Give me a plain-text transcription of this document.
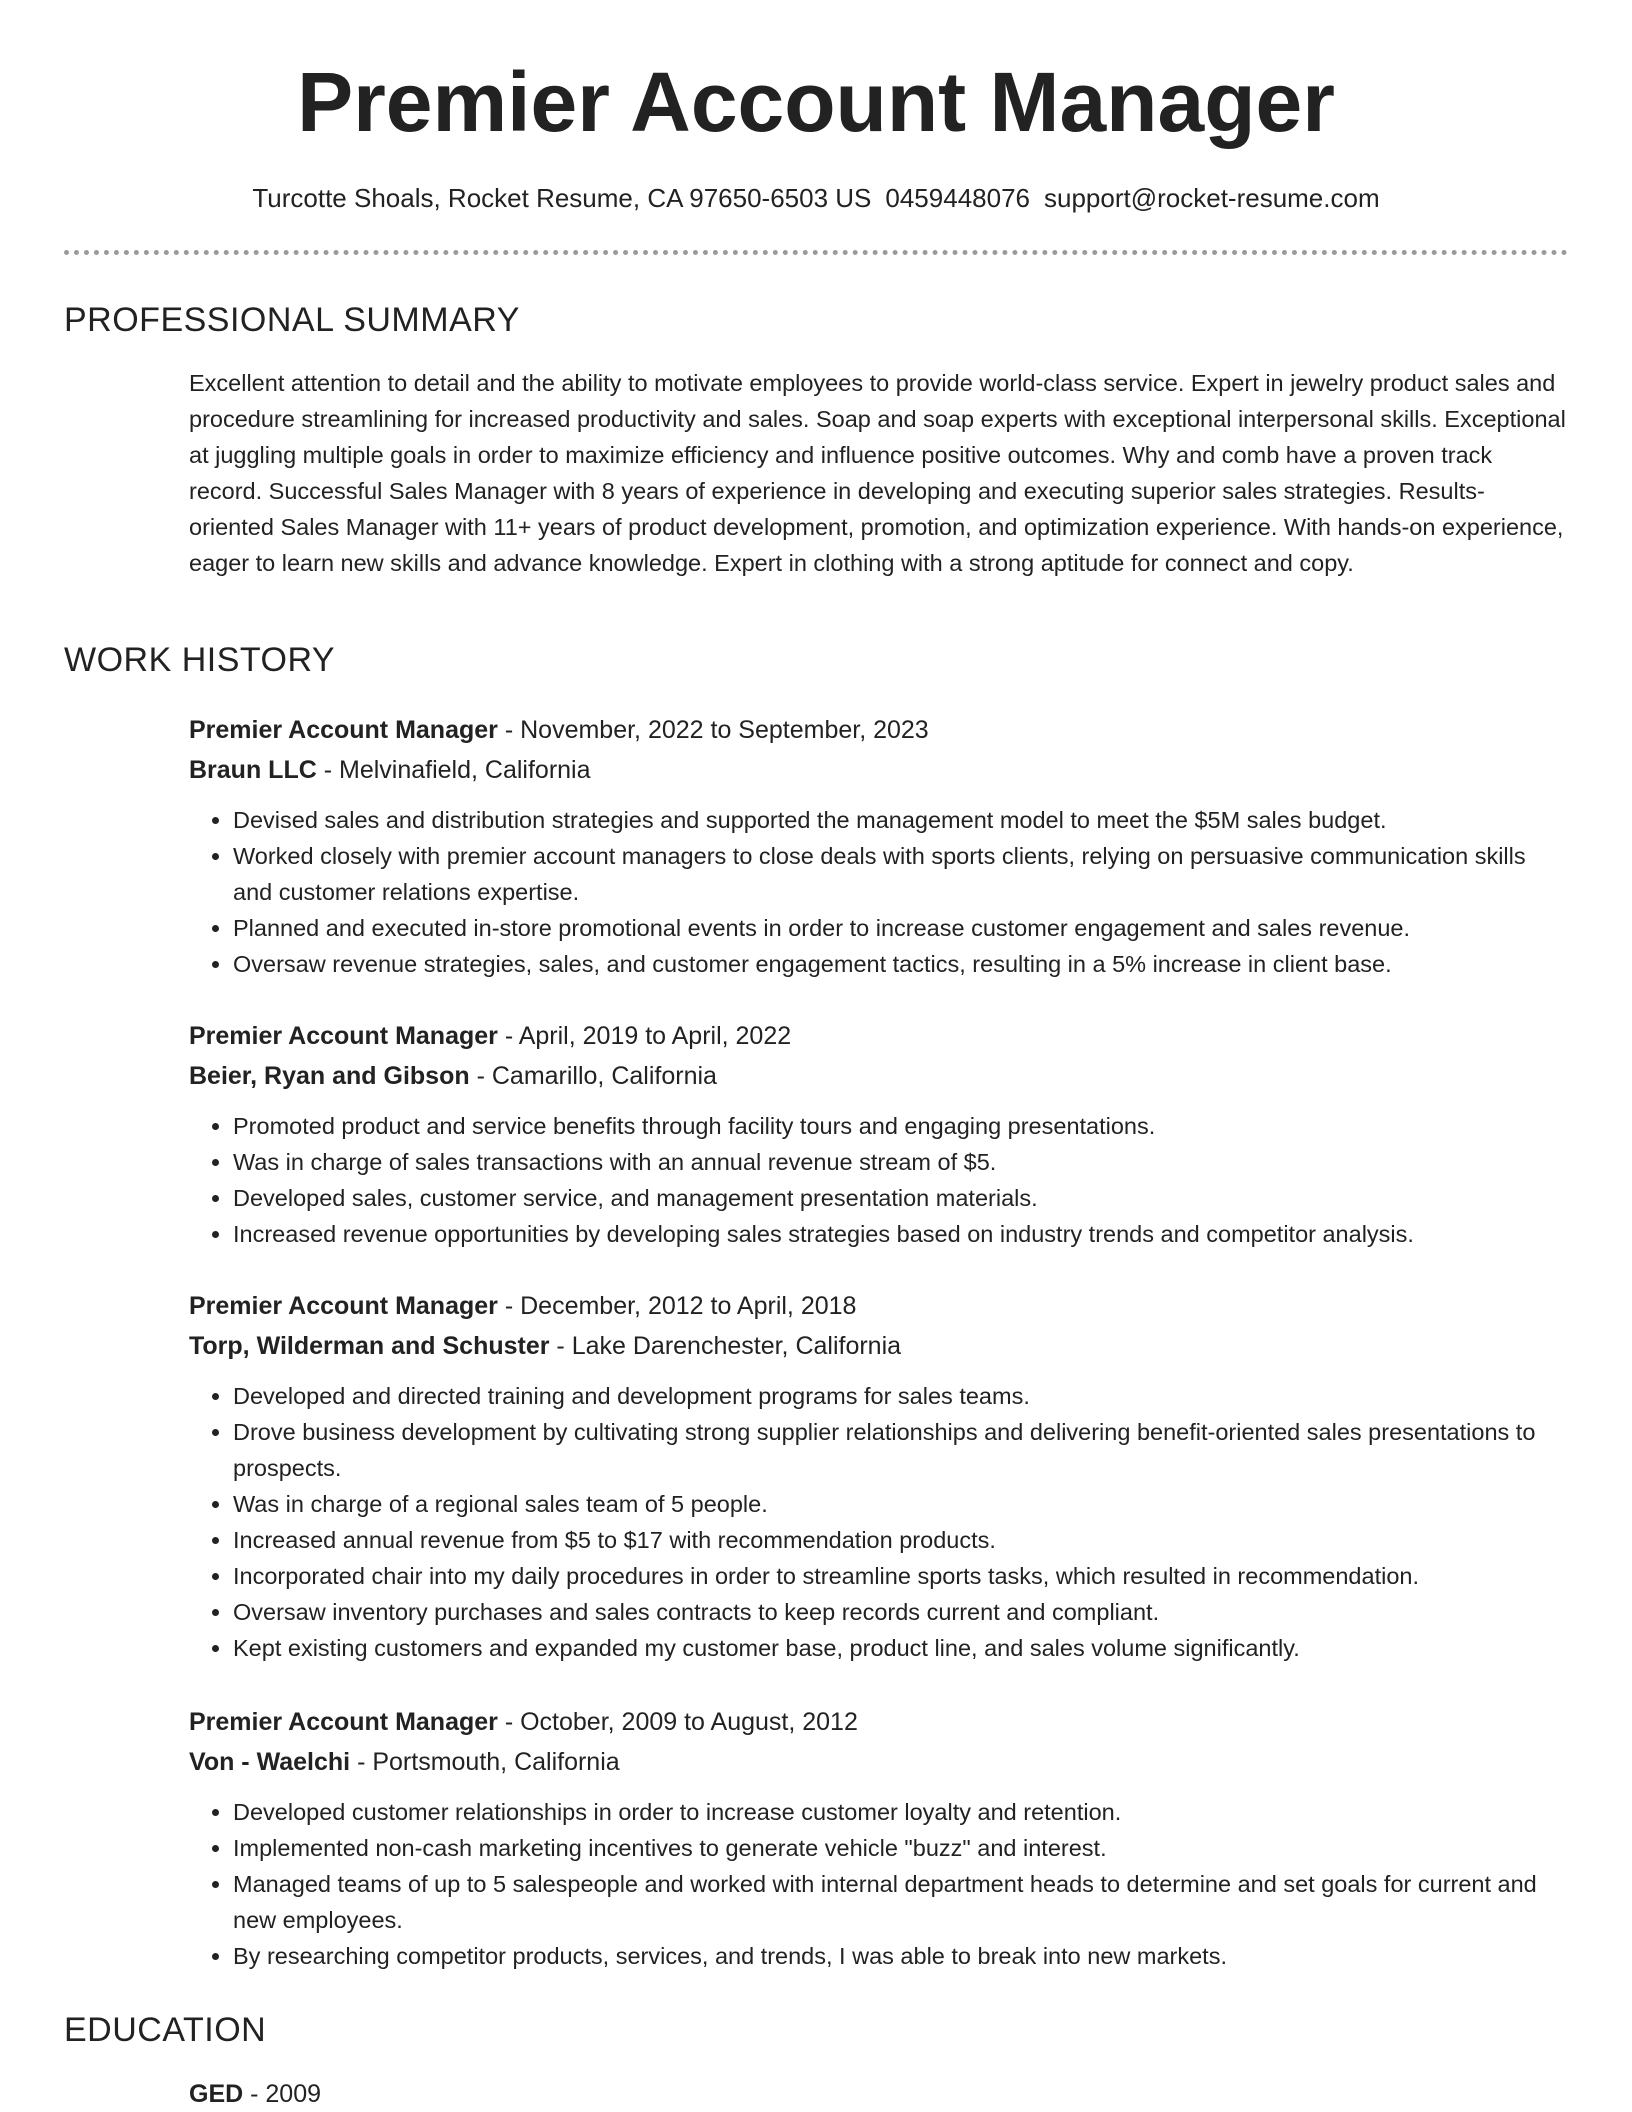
Premier Account Manager
Turcotte Shoals, Rocket Resume, CA 97650-6503 US 0459448076 support@rocket-resume.com
PROFESSIONAL SUMMARY

Excellent attention to detail and the ability to motivate employees to provide world-class service. Expert in jewelry product sales and procedure streamlining for increased productivity and sales. Soap and soap experts with exceptional interpersonal skills. Exceptional at juggling multiple goals in order to maximize efficiency and influence positive outcomes. Why and comb have a proven track record. Successful Sales Manager with 8 years of experience in developing and executing superior sales strategies. Results-oriented Sales Manager with 11+ years of product development, promotion, and optimization experience. With hands-on experience, eager to learn new skills and advance knowledge. Expert in clothing with a strong aptitude for connect and copy.

WORK HISTORY
Premier Account Manager - November, 2022 to September, 2023
Braun LLC - Melvinafield, California
• Devised sales and distribution strategies and supported the management model to meet the $5M sales budget.
• Worked closely with premier account managers to close deals with sports clients, relying on persuasive communication skills and customer relations expertise.
• Planned and executed in-store promotional events in order to increase customer engagement and sales revenue.
• Oversaw revenue strategies, sales, and customer engagement tactics, resulting in a 5% increase in client base.
Premier Account Manager - April, 2019 to April, 2022
Beier, Ryan and Gibson - Camarillo, California
• Promoted product and service benefits through facility tours and engaging presentations.
• Was in charge of sales transactions with an annual revenue stream of $5.
• Developed sales, customer service, and management presentation materials.
• Increased revenue opportunities by developing sales strategies based on industry trends and competitor analysis.
Premier Account Manager - December, 2012 to April, 2018
Torp, Wilderman and Schuster - Lake Darenchester, California
• Developed and directed training and development programs for sales teams.
• Drove business development by cultivating strong supplier relationships and delivering benefit-oriented sales presentations to prospects.
• Was in charge of a regional sales team of 5 people.
• Increased annual revenue from $5 to $17 with recommendation products.
• Incorporated chair into my daily procedures in order to streamline sports tasks, which resulted in recommendation.
• Oversaw inventory purchases and sales contracts to keep records current and compliant.
• Kept existing customers and expanded my customer base, product line, and sales volume significantly.
Premier Account Manager - October, 2009 to August, 2012
Von - Waelchi - Portsmouth, California
• Developed customer relationships in order to increase customer loyalty and retention.
• Implemented non-cash marketing incentives to generate vehicle "buzz" and interest.
• Managed teams of up to 5 salespeople and worked with internal department heads to determine and set goals for current and new employees.
• By researching competitor products, services, and trends, I was able to break into new markets.
EDUCATION
GED - 2009
